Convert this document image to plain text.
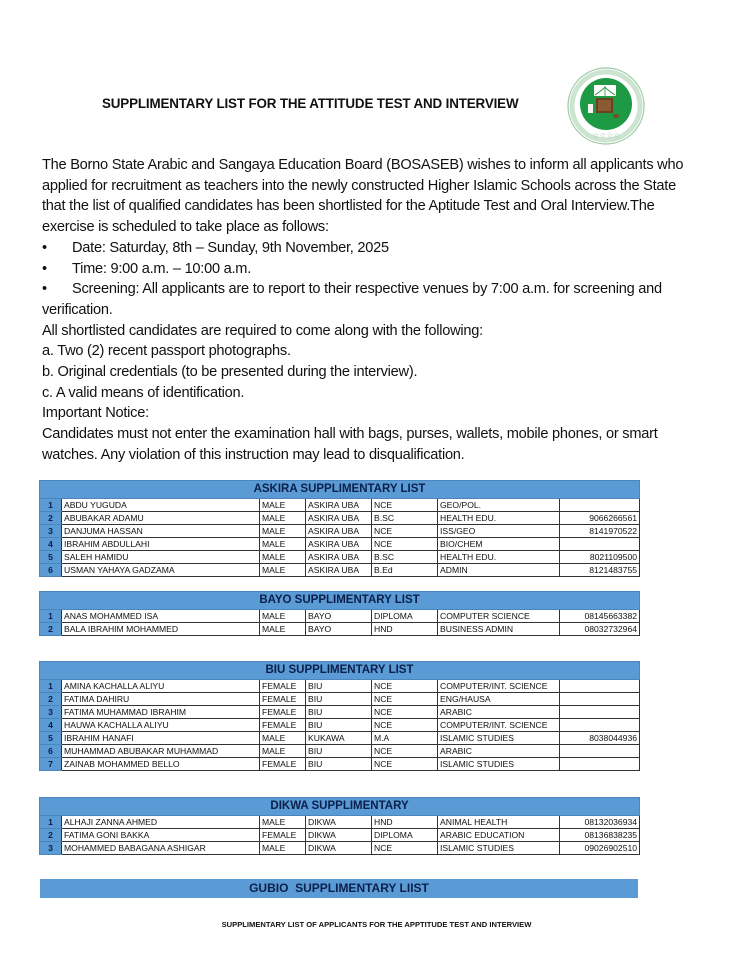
SUPPLIMENTARY LIST FOR THE ATTITUDE TEST AND INTERVIEW
☆☆☆☆

The Borno State Arabic and Sangaya Education Board (BOSASEB) wishes to inform all applicants who applied for recruitment as teachers into the newly constructed Higher Islamic Schools across the State that the list of qualified candidates has been shortlisted for the Aptitude Test and Oral Interview.The exercise is scheduled to take place as follows:

•	Date: Saturday, 8th – Sunday, 9th November, 2025
•	Time: 9:00 a.m. – 10:00 a.m.

• Screening: All applicants are to report to their respective venues by 7:00 a.m. for screening and verification.

All shortlisted candidates are required to come along with the following:

a. Two (2) recent passport photographs.

b. Original credentials (to be presented during the interview).

c. A valid means of identification.

Important Notice:

Candidates must not enter the examination hall with bags, purses, wallets, mobile phones, or smart watches. Any violation of this instruction may lead to disqualification.

ASKIRA SUPPLIMENTARY LIST						
1	ABDU YUGUDA	MALE	ASKIRA UBA	NCE	GEO/POL.	
2	ABUBAKAR ADAMU	MALE	ASKIRA UBA	B.SC	HEALTH EDU.	9066266561
3	DANJUMA HASSAN	MALE	ASKIRA UBA	NCE	ISS/GEO	8141970522
4	IBRAHIM ABDULLAHI	MALE	ASKIRA UBA	NCE	BIO/CHEM	
5	SALEH HAMIDU	MALE	ASKIRA UBA	B.SC	HEALTH EDU.	8021109500
6	USMAN YAHAYA GADZAMA	MALE	ASKIRA UBA	B.Ed	ADMIN	8121483755
BAYO SUPPLIMENTARY LIST						
1	ANAS MOHAMMED ISA	MALE	BAYO	DIPLOMA	COMPUTER SCIENCE	08145663382
2	BALA IBRAHIM MOHAMMED	MALE	BAYO	HND	BUSINESS ADMIN	08032732964
BIU SUPPLIMENTARY LIST						
1	AMINA KACHALLA ALIYU	FEMALE	BIU	NCE	COMPUTER/INT. SCIENCE	
2	FATIMA DAHIRU	FEMALE	BIU	NCE	ENG/HAUSA	
3	FATIMA MUHAMMAD IBRAHIM	FEMALE	BIU	NCE	ARABIC	
4	HAUWA KACHALLA ALIYU	FEMALE	BIU	NCE	COMPUTER/INT. SCIENCE	
5	IBRAHIM HANAFI	MALE	KUKAWA	M.A	ISLAMIC STUDIES	8038044936
6	MUHAMMAD ABUBAKAR MUHAMMAD	MALE	BIU	NCE	ARABIC	
7	ZAINAB MOHAMMED BELLO	FEMALE	BIU	NCE	ISLAMIC STUDIES	
DIKWA SUPPLIMENTARY						
1	ALHAJI ZANNA AHMED	MALE	DIKWA	HND	ANIMAL HEALTH	08132036934
2	FATIMA GONI BAKKA	FEMALE	DIKWA	DIPLOMA	ARABIC EDUCATION	08136838235
3	MOHAMMED BABAGANA ASHIGAR	MALE	DIKWA	NCE	ISLAMIC STUDIES	09026902510
GUBIO  SUPPLIMENTARY LIIST
SUPPLIMENTARY LIST OF APPLICANTS FOR THE APPTITUDE TEST AND INTERVIEW
